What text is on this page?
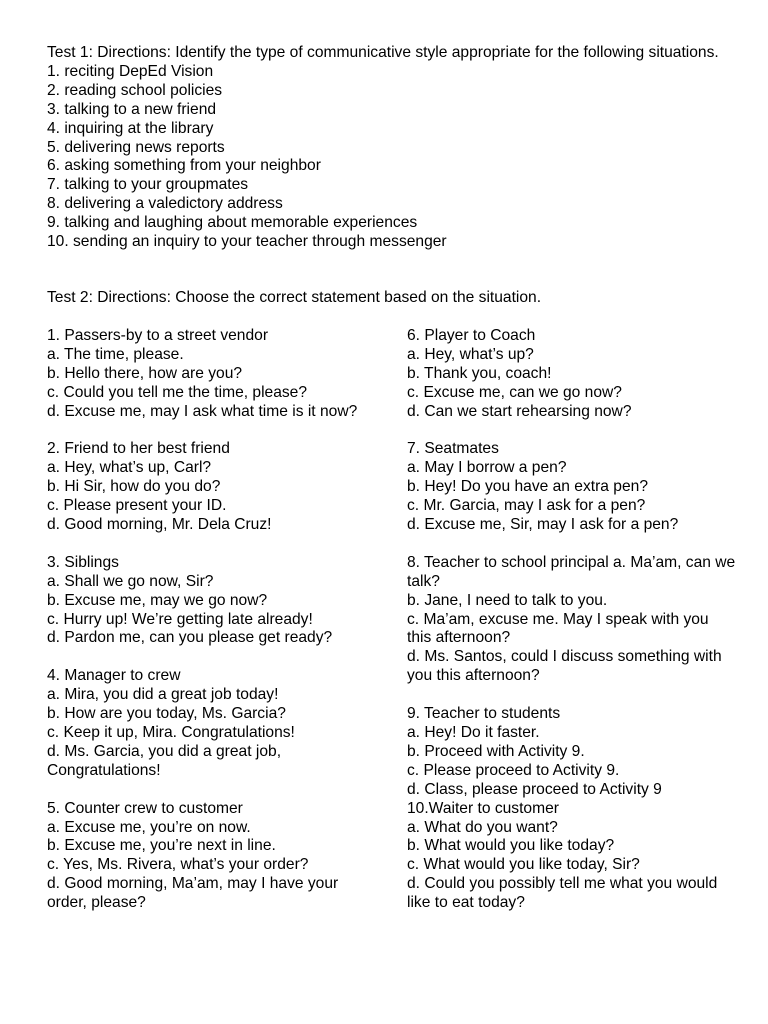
Test 1: Directions: Identify the type of communicative style appropriate for the following situations.
1. reciting DepEd Vision
2. reading school policies
3. talking to a new friend
4. inquiring at the library
5. delivering news reports
6. asking something from your neighbor
7. talking to your groupmates
8. delivering a valedictory address
9. talking and laughing about memorable experiences
10. sending an inquiry to your teacher through messenger
Test 2: Directions: Choose the correct statement based on the situation.
1. Passers-by to a street vendor
a. The time, please.
b. Hello there, how are you?
c. Could you tell me the time, please?
d. Excuse me, may I ask what time is it now?
2. Friend to her best friend
a. Hey, what’s up, Carl?
b. Hi Sir, how do you do?
c. Please present your ID.
d. Good morning, Mr. Dela Cruz!
3. Siblings
a. Shall we go now, Sir?
b. Excuse me, may we go now?
c. Hurry up! We’re getting late already!
d. Pardon me, can you please get ready?
4. Manager to crew
a. Mira, you did a great job today!
b. How are you today, Ms. Garcia?
c. Keep it up, Mira. Congratulations!
d. Ms. Garcia, you did a great job, Congratulations!
5. Counter crew to customer
a. Excuse me, you’re on now.
b. Excuse me, you’re next in line.
c. Yes, Ms. Rivera, what’s your order?
d. Good morning, Ma’am, may I have your order, please?
6. Player to Coach
a. Hey, what’s up?
b. Thank you, coach!
c. Excuse me, can we go now?
d. Can we start rehearsing now?
7. Seatmates
a. May I borrow a pen?
b. Hey! Do you have an extra pen?
c. Mr. Garcia, may I ask for a pen?
d. Excuse me, Sir, may I ask for a pen?
8. Teacher to school principal a. Ma’am, can we talk?
b. Jane, I need to talk to you.
c. Ma’am, excuse me. May I speak with you this afternoon?
d. Ms. Santos, could I discuss something with you this afternoon?
9. Teacher to students
a. Hey! Do it faster.
b. Proceed with Activity 9.
c. Please proceed to Activity 9.
d. Class, please proceed to Activity 9
10.Waiter to customer
a. What do you want?
b. What would you like today?
c. What would you like today, Sir?
d. Could you possibly tell me what you would like to eat today?
